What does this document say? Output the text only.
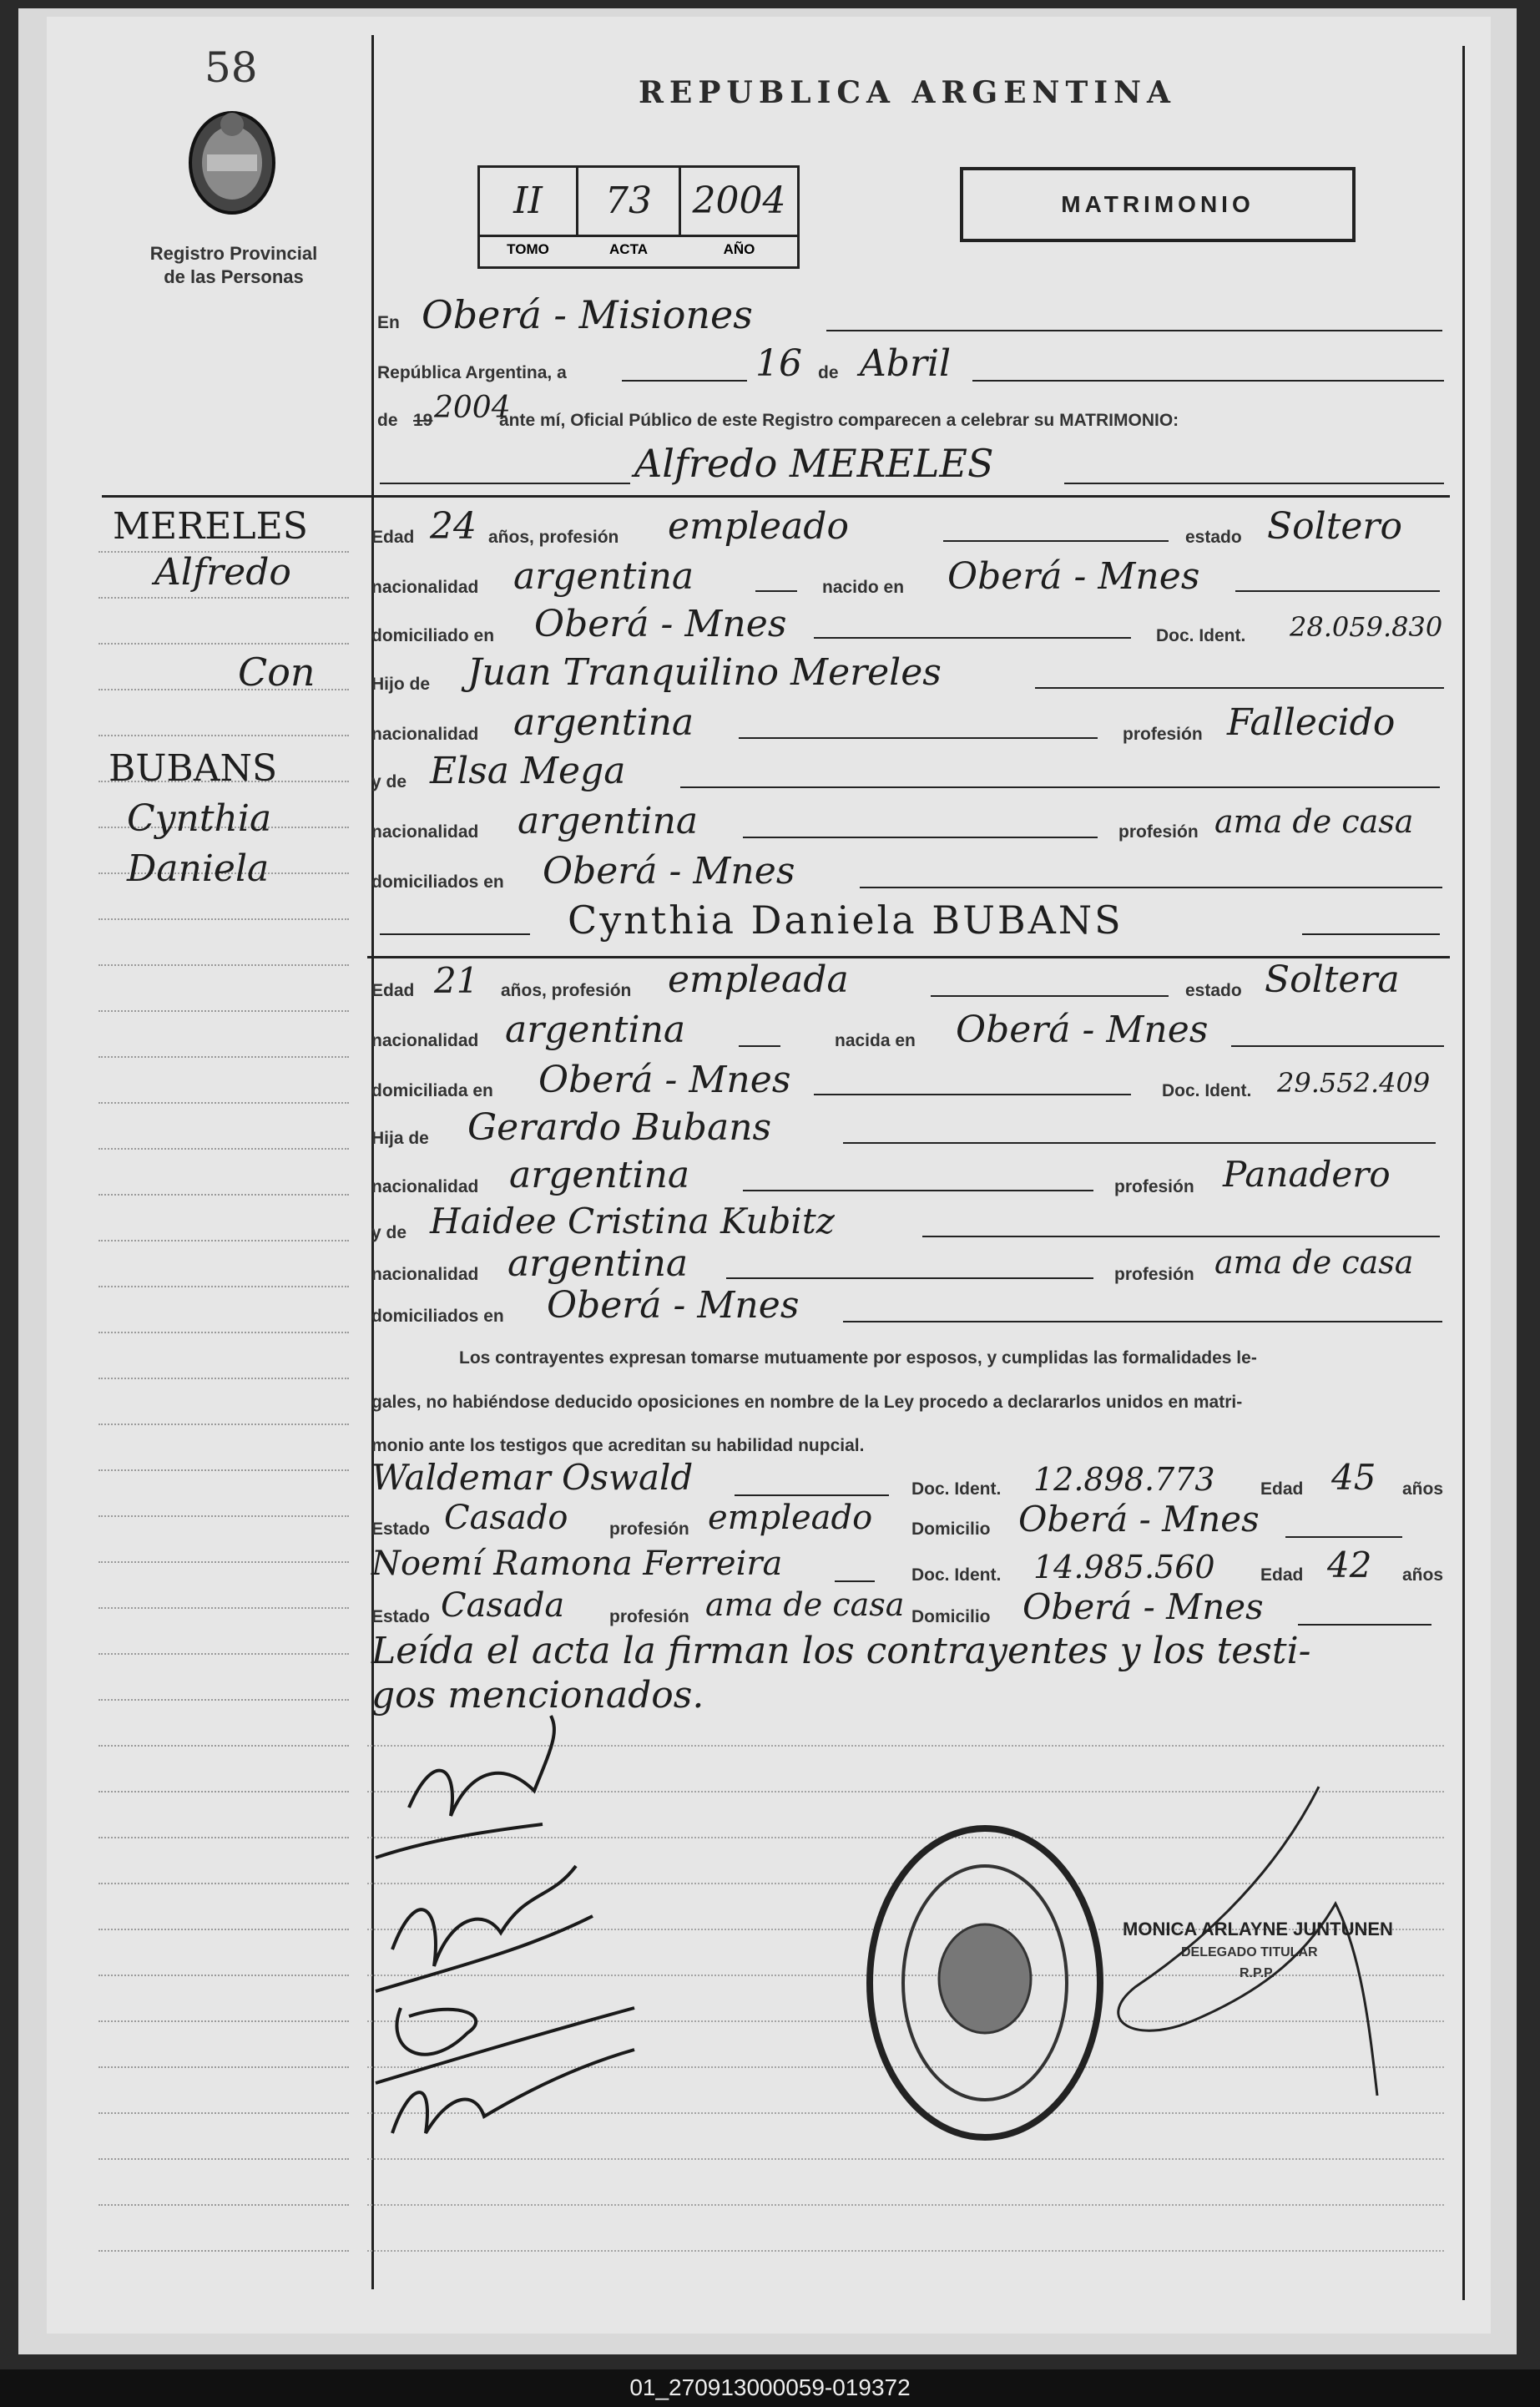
58
Registro Provincial
de las Personas
REPUBLICA ARGENTINA
II	73	2004
TOMO	ACTA	AÑO
MATRIMONIO
En Oberá - Misiones
República Argentina, a	16 de Abril
de 19 2004
ante mí, Oficial Público de este Registro comparecen a celebrar su MATRIMONIO:
Alfredo MERELES
MERELES
Alfredo
Con
BUBANS
Cynthia
Daniela
Edad 24 años, profesión empleado	estado Soltero
nacionalidad argentina	nacido en Oberá - Mnes
domiciliado en Oberá - Mnes	Doc. Ident. 28.059.830
Hijo de Juan Tranquilino Mereles
nacionalidad argentina	profesión Fallecido
y de Elsa Mega
nacionalidad argentina	profesión ama de casa
domiciliados en Oberá - Mnes
Cynthia Daniela BUBANS
Edad 21 años, profesión empleada	estado Soltera
nacionalidad argentina	nacida en Oberá - Mnes
domiciliada en Oberá - Mnes	Doc. Ident. 29.552.409
Hija de Gerardo Bubans
nacionalidad argentina	profesión Panadero
y de Haidee Cristina Kubitz
nacionalidad argentina	profesión ama de casa
domiciliados en Oberá - Mnes
Los contrayentes expresan tomarse mutuamente por esposos, y cumplidas las formalidades le-
gales, no habiéndose deducido oposiciones en nombre de la Ley procedo a declararlos unidos en matri-
monio ante los testigos que acreditan su habilidad nupcial.
Waldemar Oswald	Doc. Ident. 12.898.773	Edad 45 años
Estado Casado profesión empleado Domicilio Oberá - Mnes
Noemí Ramona Ferreira	Doc. Ident. 14.985.560	Edad 42 años
Estado Casada	profesión ama de casa Domicilio Oberá - Mnes
Leída el acta la firman los contrayentes y los testi-
gos mencionados.
MONICA ARLAYNE JUNTUNEN
DELEGADO TITULAR
R.P.P.
01_270913000059-019372
